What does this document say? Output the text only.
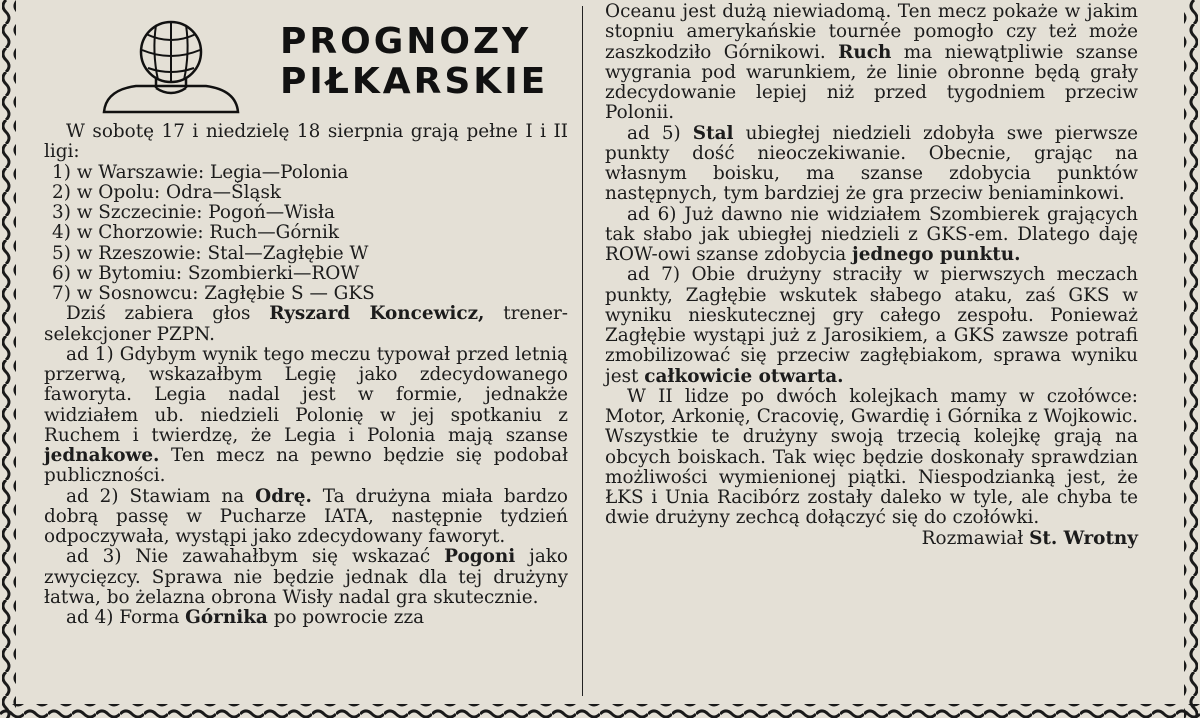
PROGNOZY
PIŁKARSKIE

W sobotę 17 i niedzielę 18 sierpnia grają pełne I i II ligi:

1) w Warszawie: Legia—Polonia
2) w Opolu: Odra—Śląsk
3) w Szczecinie: Pogoń—Wisła
4) w Chorzowie: Ruch—Górnik
5) w Rzeszowie: Stal—Zagłębie W
6) w Bytomiu: Szombierki—ROW
7) w Sosnowcu: Zagłębie S — GKS

Dziś zabiera głos Ryszard Koncewicz, trener-selekcjoner PZPN.

ad 1) Gdybym wynik tego meczu typował przed letnią przerwą, wskazałbym Legię jako zdecydowanego faworyta. Legia nadal jest w formie, jednakże widziałem ub. niedzieli Polonię w jej spotkaniu z Ruchem i twierdzę, że Legia i Polonia mają szanse jednakowe. Ten mecz na pewno będzie się podobał publiczności.

ad 2) Stawiam na Odrę. Ta drużyna miała bardzo dobrą passę w Pucharze IATA, następnie tydzień odpoczywała, wystąpi jako zdecydowany faworyt.

ad 3) Nie zawahałbym się wskazać Pogoni jako zwycięzcy. Sprawa nie będzie jednak dla tej drużyny łatwa, bo żelazna obrona Wisły nadal gra skutecznie.

ad 4) Forma Górnika po powrocie zza

Oceanu jest dużą niewiadomą. Ten mecz pokaże w jakim stopniu amerykańskie tournée pomogło czy też może zaszkodziło Górnikowi. Ruch ma niewątpliwie szanse wygrania pod warunkiem, że linie obronne będą grały zdecydowanie lepiej niż przed tygodniem przeciw Polonii.

ad 5) Stal ubiegłej niedzieli zdobyła swe pierwsze punkty dość nieoczekiwanie. Obecnie, grając na własnym boisku, ma szanse zdobycia punktów następnych, tym bardziej że gra przeciw beniaminkowi.

ad 6) Już dawno nie widziałem Szombierek grających tak słabo jak ubiegłej niedzieli z GKS-em. Dlatego daję ROW-owi szanse zdobycia jednego punktu.

ad 7) Obie drużyny straciły w pierwszych meczach punkty, Zagłębie wskutek słabego ataku, zaś GKS w wyniku nieskutecznej gry całego zespołu. Ponieważ Zagłębie wystąpi już z Jarosikiem, a GKS zawsze potrafi zmobilizować się przeciw zagłębiakom, sprawa wyniku jest całkowicie otwarta.

W II lidze po dwóch kolejkach mamy w czołówce: Motor, Arkonię, Cracovię, Gwardię i Górnika z Wojkowic. Wszystkie te drużyny swoją trzecią kolejkę grają na obcych boiskach. Tak więc będzie doskonały sprawdzian możliwości wymienionej piątki. Niespodzianką jest, że ŁKS i Unia Racibórz zostały daleko w tyle, ale chyba te dwie drużyny zechcą dołączyć się do czołówki.

Rozmawiał St. Wrotny
